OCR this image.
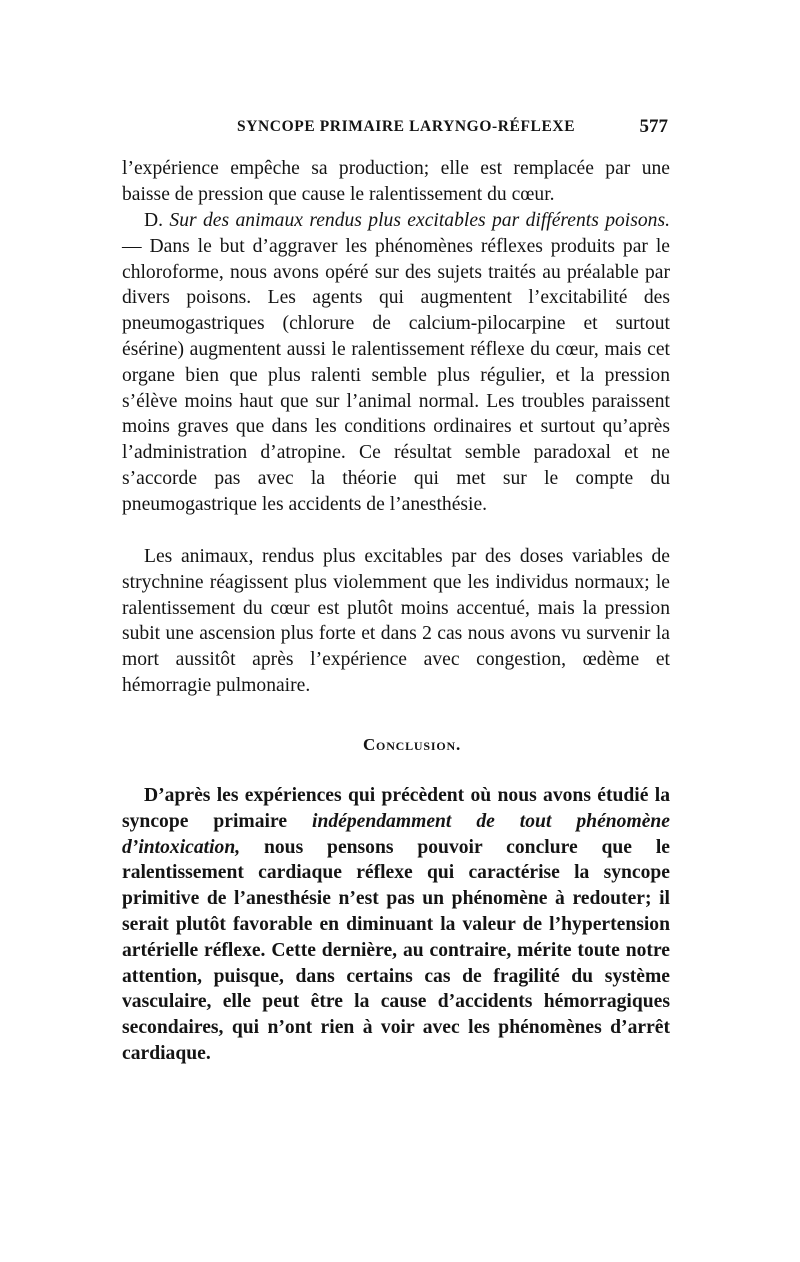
SYNCOPE PRIMAIRE LARYNGO-RÉFLEXE	577

l’expérience empêche sa production; elle est remplacée par une baisse de pression que cause le ralentissement du cœur.

D. Sur des animaux rendus plus excitables par différents poisons. — Dans le but d’aggraver les phénomènes réflexes produits par le chloroforme, nous avons opéré sur des sujets traités au préalable par divers poisons. Les agents qui augmentent l’excitabilité des pneumogastriques (chlorure de calcium-pilocarpine et surtout ésérine) augmentent aussi le ralentissement réflexe du cœur, mais cet organe bien que plus ralenti semble plus régulier, et la pression s’élève moins haut que sur l’animal normal. Les troubles paraissent moins graves que dans les conditions ordinaires et surtout qu’après l’administration d’atropine. Ce résultat semble paradoxal et ne s’accorde pas avec la théorie qui met sur le compte du pneumogastrique les accidents de l’anesthésie.

Les animaux, rendus plus excitables par des doses variables de strychnine réagissent plus violemment que les individus normaux; le ralentissement du cœur est plutôt moins accentué, mais la pression subit une ascension plus forte et dans 2 cas nous avons vu survenir la mort aussitôt après l’expérience avec congestion, œdème et hémorragie pulmonaire.

Conclusion.

D’après les expériences qui précèdent où nous avons étudié la syncope primaire indépendamment de tout phénomène d’intoxication, nous pensons pouvoir conclure que le ralentissement cardiaque réflexe qui caractérise la syncope primitive de l’anesthésie n’est pas un phénomène à redouter; il serait plutôt favorable en diminuant la valeur de l’hypertension artérielle réflexe. Cette dernière, au contraire, mérite toute notre attention, puisque, dans certains cas de fragilité du système vasculaire, elle peut être la cause d’accidents hémorragiques secondaires, qui n’ont rien à voir avec les phénomènes d’arrêt cardiaque.
